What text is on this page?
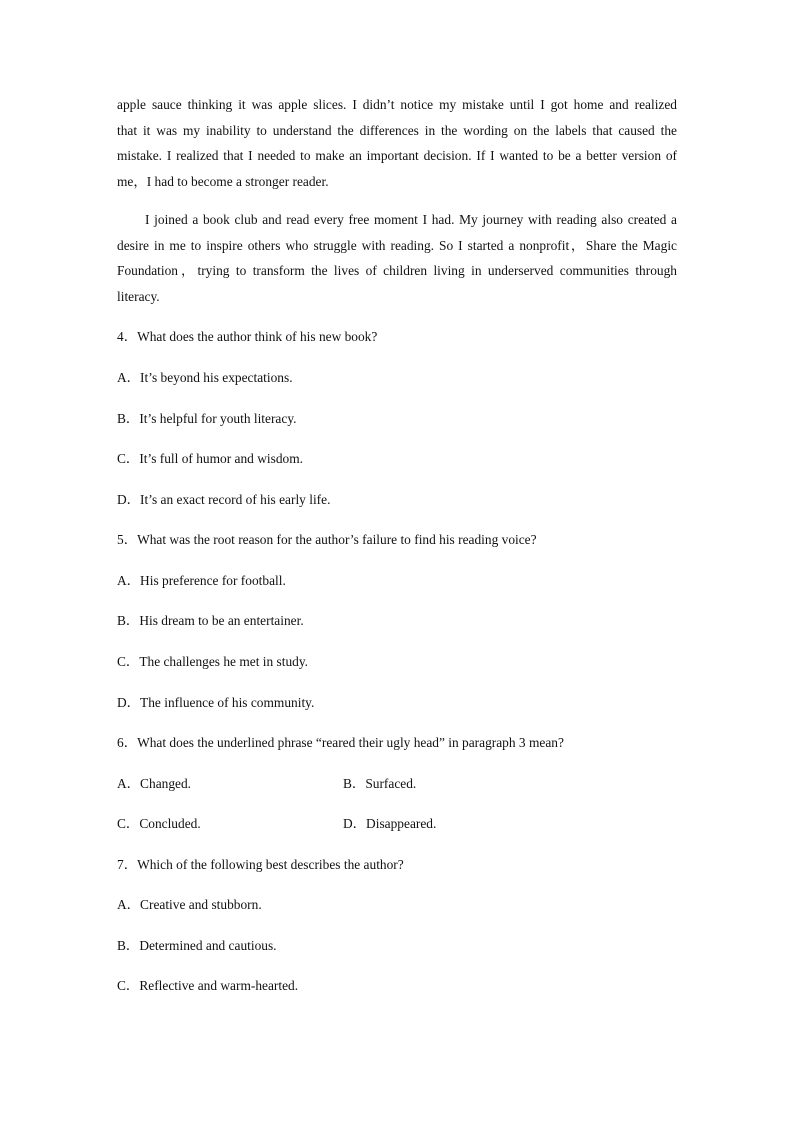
apple sauce thinking it was apple slices. I didn’t notice my mistake until I got home and realized
that it was my inability to understand the differences in the wording on the labels that caused the
mistake. I realized that I needed to make an important decision. If I wanted to be a better version of
me，I had to become a stronger reader.
I joined a book club and read every free moment I had. My journey with reading also created a
desire in me to inspire others who struggle with reading. So I started a nonprofit，Share the Magic
Foundation，trying to transform the lives of children living in underserved communities through
literacy.

4．What does the author think of his new book?

A．It’s beyond his expectations.

B．It’s helpful for youth literacy.

C．It’s full of humor and wisdom.

D．It’s an exact record of his early life.

5．What was the root reason for the author’s failure to find his reading voice?

A．His preference for football.

B．His dream to be an entertainer.

C．The challenges he met in study.

D．The influence of his community.

6．What does the underlined phrase “reared their ugly head” in paragraph 3 mean?

A．Changed.	B．Surfaced.

C．Concluded.	D．Disappeared.

7．Which of the following best describes the author?

A．Creative and stubborn.

B．Determined and cautious.

C．Reflective and warm-hearted.
